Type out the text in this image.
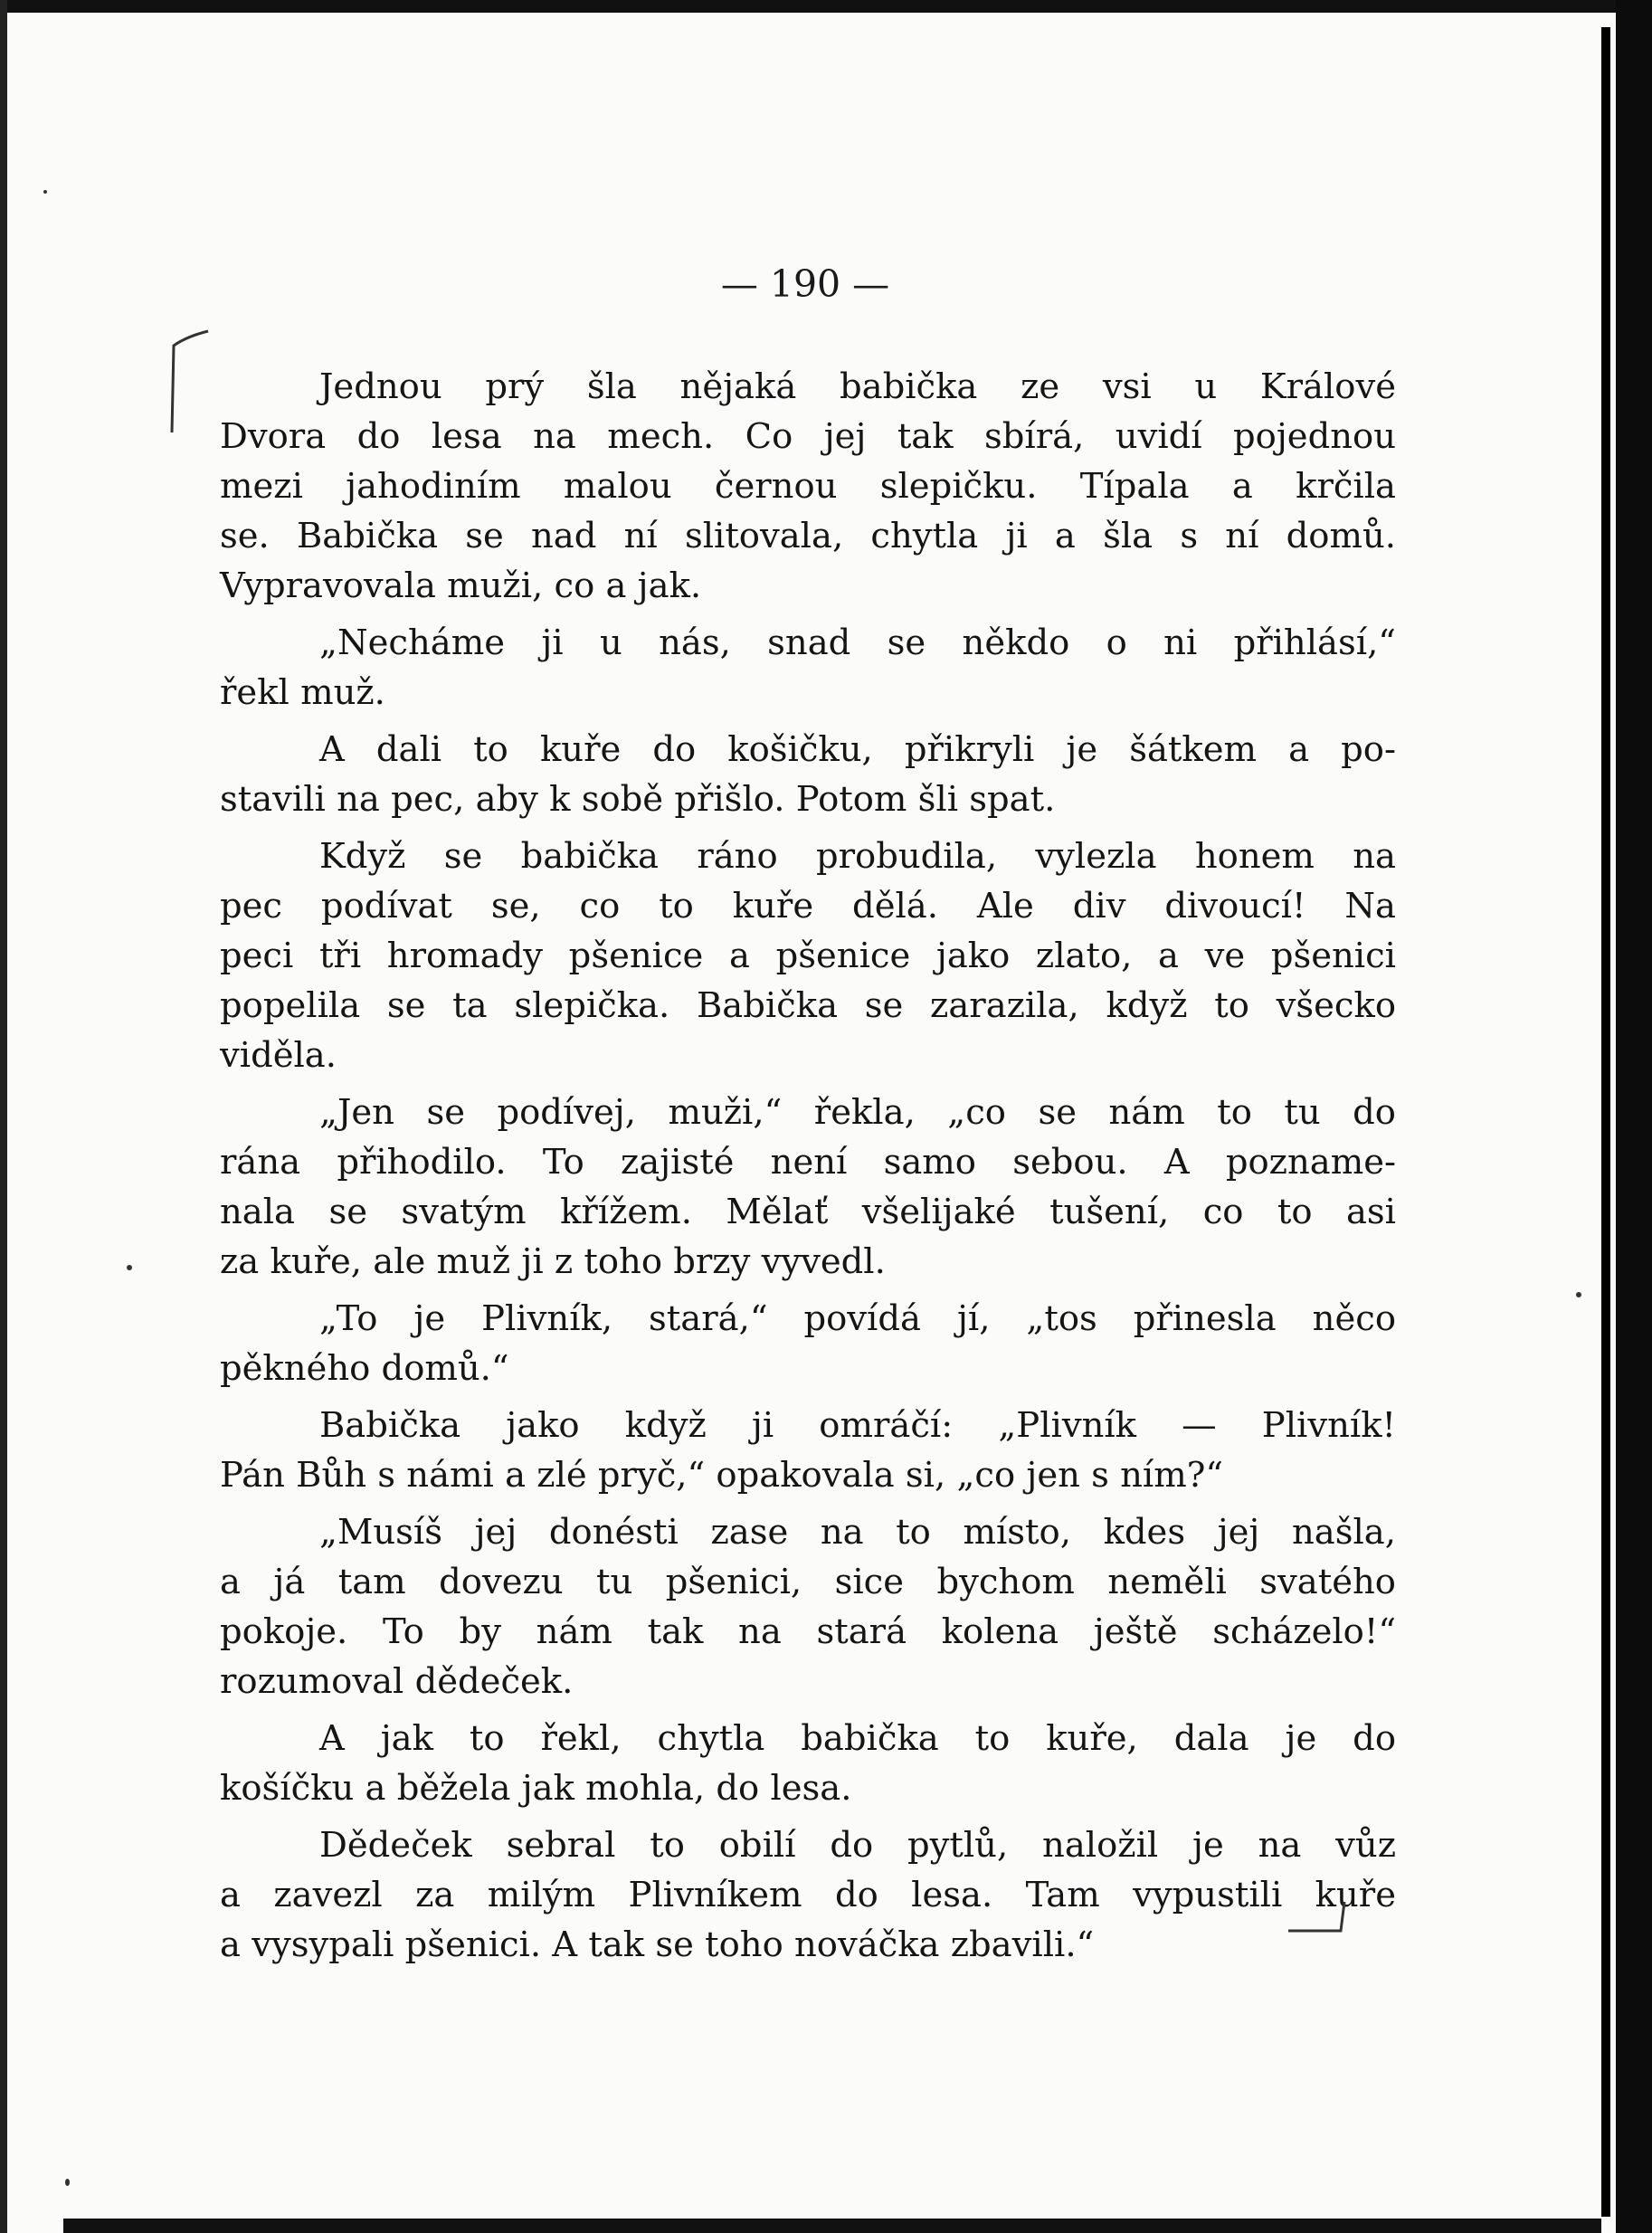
— 190 —
Jednou prý šla nějaká babička ze vsi u Králové
Dvora do lesa na mech. Co jej tak sbírá, uvidí pojednou
mezi jahodiním malou černou slepičku. Típala a krčila
se. Babička se nad ní slitovala, chytla ji a šla s ní domů.
Vypravovala muži, co a jak.
„Necháme ji u nás, snad se někdo o ni přihlásí,“
řekl muž.
A dali to kuře do košičku, přikryli je šátkem a po-
stavili na pec, aby k sobě přišlo. Potom šli spat.
Když se babička ráno probudila, vylezla honem na
pec podívat se, co to kuře dělá. Ale div divoucí! Na
peci tři hromady pšenice a pšenice jako zlato, a ve pšenici
popelila se ta slepička. Babička se zarazila, když to všecko
viděla.
„Jen se podívej, muži,“ řekla, „co se nám to tu do
rána přihodilo. To zajisté není samo sebou. A pozname-
nala se svatým křížem. Mělať všelijaké tušení, co to asi
za kuře, ale muž ji z toho brzy vyvedl.
„To je Plivník, stará,“ povídá jí, „tos přinesla něco
pěkného domů.“
Babička jako když ji omráčí: „Plivník — Plivník!
Pán Bůh s námi a zlé pryč,“ opakovala si, „co jen s ním?“
„Musíš jej donésti zase na to místo, kdes jej našla,
a já tam dovezu tu pšenici, sice bychom neměli svatého
pokoje. To by nám tak na stará kolena ještě scházelo!“
rozumoval dědeček.
A jak to řekl, chytla babička to kuře, dala je do
košíčku a běžela jak mohla, do lesa.
Dědeček sebral to obilí do pytlů, naložil je na vůz
a zavezl za milým Plivníkem do lesa. Tam vypustili kuře
a vysypali pšenici. A tak se toho nováčka zbavili.“
